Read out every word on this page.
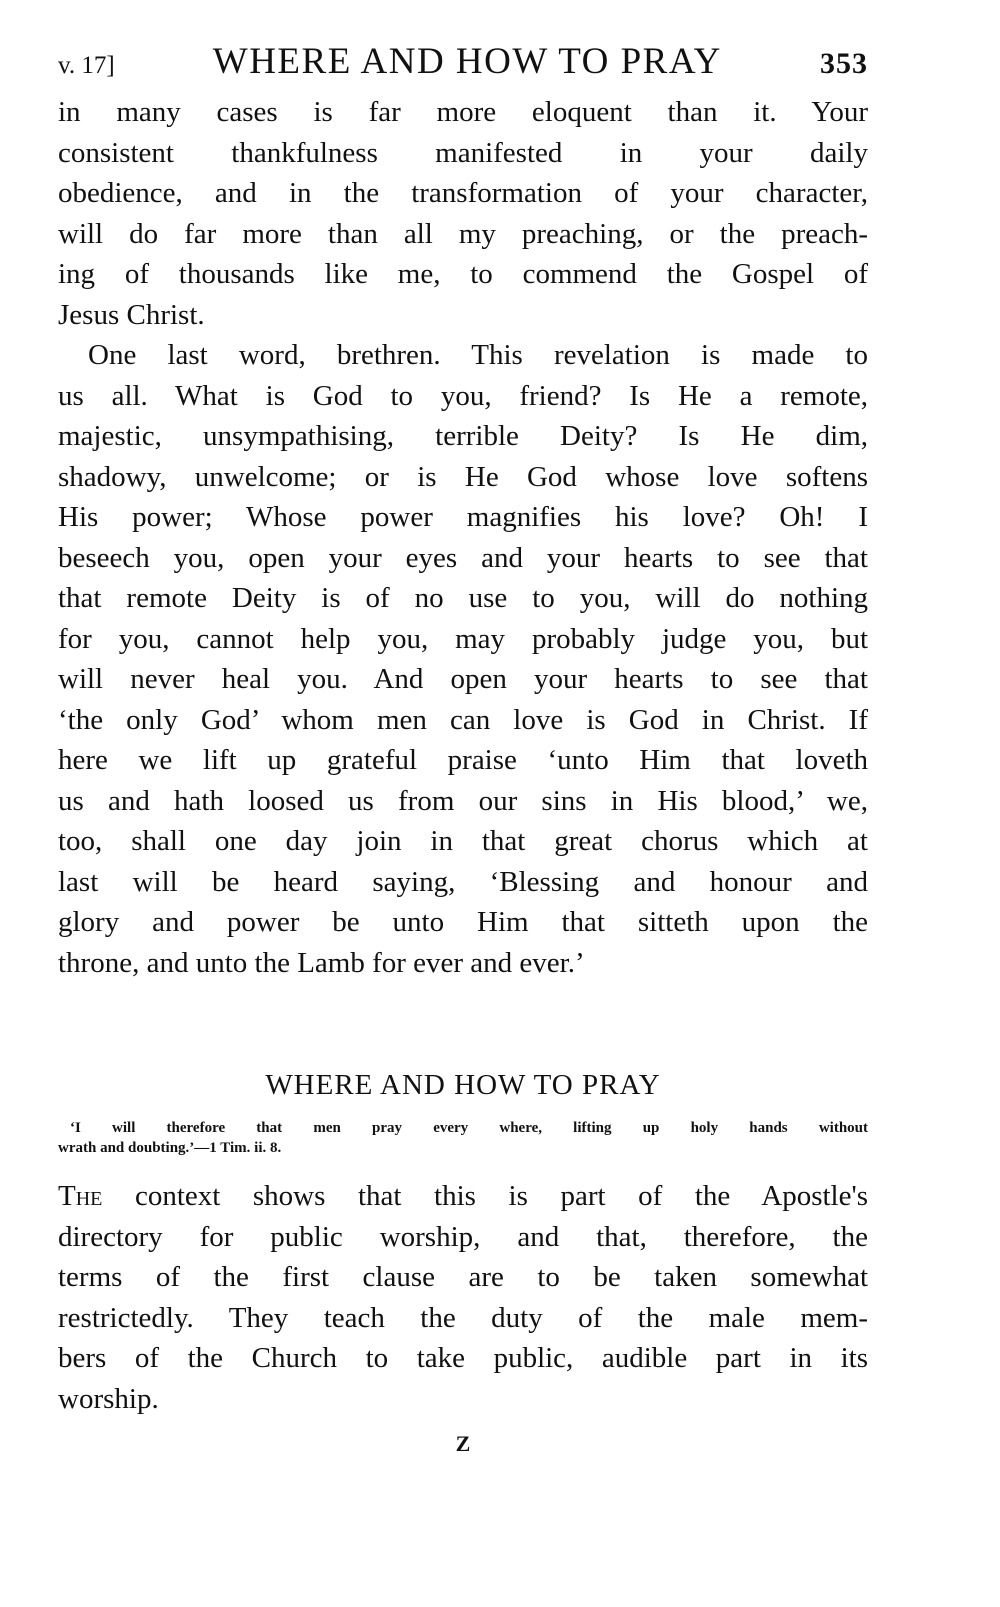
v. 17]	WHERE AND HOW TO PRAY	353

in many cases is far more eloquent than it. Your
consistent thankfulness manifested in your daily
obedience, and in the transformation of your character,
will do far more than all my preaching, or the preach-
ing of thousands like me, to commend the Gospel of
Jesus Christ.

One last word, brethren. This revelation is made to
us all. What is God to you, friend? Is He a remote,
majestic, unsympathising, terrible Deity? Is He dim,
shadowy, unwelcome; or is He God whose love softens
His power; Whose power magnifies his love? Oh! I
beseech you, open your eyes and your hearts to see that
that remote Deity is of no use to you, will do nothing
for you, cannot help you, may probably judge you, but
will never heal you. And open your hearts to see that
‘the only God’ whom men can love is God in Christ. If
here we lift up grateful praise ‘unto Him that loveth
us and hath loosed us from our sins in His blood,’ we,
too, shall one day join in that great chorus which at
last will be heard saying, ‘Blessing and honour and
glory and power be unto Him that sitteth upon the
throne, and unto the Lamb for ever and ever.’

WHERE AND HOW TO PRAY
‘I will therefore that men pray every where, lifting up holy hands without
wrath and doubting.’—1 Tim. ii. 8.

The context shows that this is part of the Apostle's
directory for public worship, and that, therefore, the
terms of the first clause are to be taken somewhat
restrictedly. They teach the duty of the male mem-
bers of the Church to take public, audible part in its
worship.

Z
